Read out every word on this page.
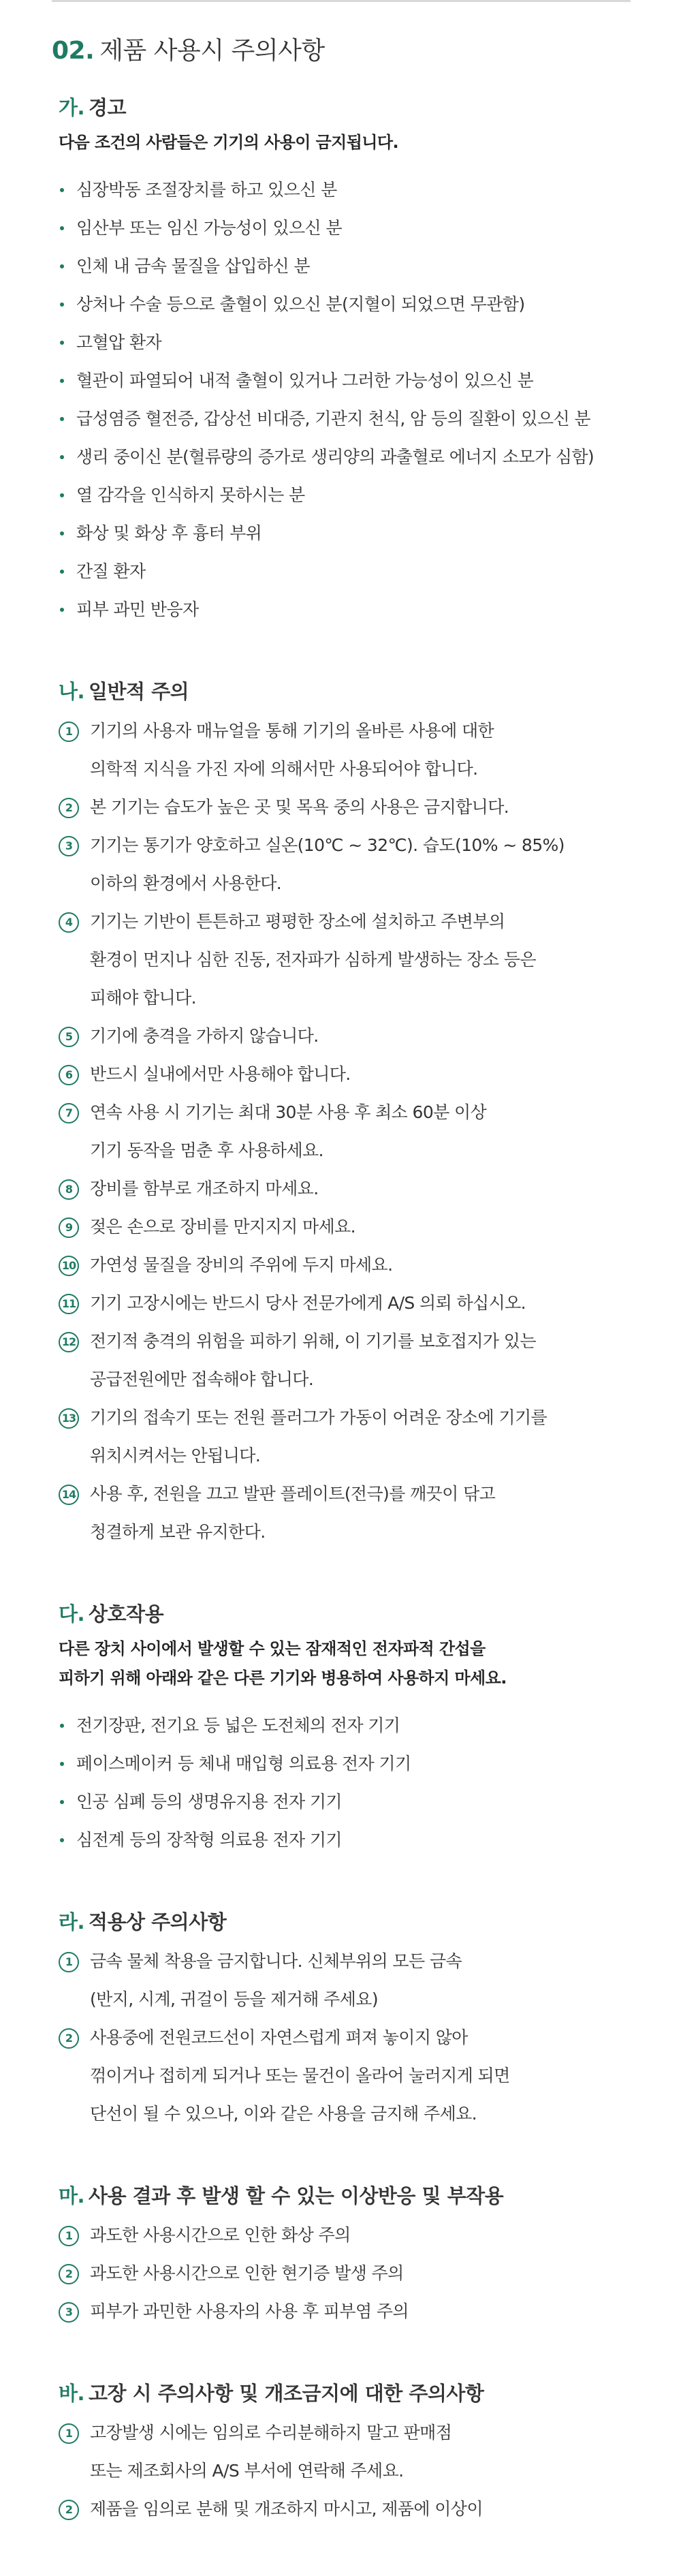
02. 제품 사용시 주의사항
가. 경고

다음 조건의 사람들은 기기의 사용이 금지됩니다.

심장박동 조절장치를 하고 있으신 분
임산부 또는 임신 가능성이 있으신 분
인체 내 금속 물질을 삽입하신 분
상처나 수술 등으로 출혈이 있으신 분(지혈이 되었으면 무관함)
고혈압 환자
혈관이 파열되어 내적 출혈이 있거나 그러한 가능성이 있으신 분
급성염증 혈전증, 갑상선 비대증, 기관지 천식, 암 등의 질환이 있으신 분
생리 중이신 분(혈류량의 증가로 생리양의 과출혈로 에너지 소모가 심함)
열 감각을 인식하지 못하시는 분
화상 및 화상 후 흉터 부위
간질 환자
피부 과민 반응자
나. 일반적 주의
1	기기의 사용자 매뉴얼을 통해 기기의 올바른 사용에 대한
의학적 지식을 가진 자에 의해서만 사용되어야 합니다.
2	본 기기는 습도가 높은 곳 및 목욕 중의 사용은 금지합니다.
3	기기는 통기가 양호하고 실온(10℃ ~ 32℃). 습도(10% ~ 85%)
이하의 환경에서 사용한다.
4	기기는 기반이 튼튼하고 평평한 장소에 설치하고 주변부의
환경이 먼지나 심한 진동, 전자파가 심하게 발생하는 장소 등은
피해야 합니다.
5	기기에 충격을 가하지 않습니다.
6	반드시 실내에서만 사용해야 합니다.
7	연속 사용 시 기기는 최대 30분 사용 후 최소 60분 이상
기기 동작을 멈춘 후 사용하세요.
8	장비를 함부로 개조하지 마세요.
9	젖은 손으로 장비를 만지지지 마세요.
10 가연성 물질을 장비의 주위에 두지 마세요.
11 기기 고장시에는 반드시 당사 전문가에게 A/S 의뢰 하십시오.
12 전기적 충격의 위험을 피하기 위해, 이 기기를 보호접지가 있는
공급전원에만 접속해야 합니다.
13 기기의 접속기 또는 전원 플러그가 가동이 어려운 장소에 기기를
위치시켜서는 안됩니다.
14 사용 후, 전원을 끄고 발판 플레이트(전극)를 깨끗이 닦고
청결하게 보관 유지한다.
다. 상호작용

다른 장치 사이에서 발생할 수 있는 잠재적인 전자파적 간섭을
피하기 위해 아래와 같은 다른 기기와 병용하여 사용하지 마세요.

전기장판, 전기요 등 넓은 도전체의 전자 기기
페이스메이커 등 체내 매입형 의료용 전자 기기
인공 심폐 등의 생명유지용 전자 기기
심전계 등의 장착형 의료용 전자 기기
라. 적용상 주의사항
1	금속 물체 착용을 금지합니다. 신체부위의 모든 금속
(반지, 시계, 귀걸이 등을 제거해 주세요)
2	사용중에 전원코드선이 자연스럽게 펴져 놓이지 않아
꺾이거나 접히게 되거나 또는 물건이 올라어 눌러지게 되면
단선이 될 수 있으나, 이와 같은 사용을 금지해 주세요.
마. 사용 결과 후 발생 할 수 있는 이상반응 및 부작용
1	과도한 사용시간으로 인한 화상 주의
2	과도한 사용시간으로 인한 현기증 발생 주의
3	피부가 과민한 사용자의 사용 후 피부염 주의
바. 고장 시 주의사항 및 개조금지에 대한 주의사항
1	고장발생 시에는 임의로 수리분해하지 말고 판매점
또는 제조회사의 A/S 부서에 연락해 주세요.
2	제품을 임의로 분해 및 개조하지 마시고, 제품에 이상이
